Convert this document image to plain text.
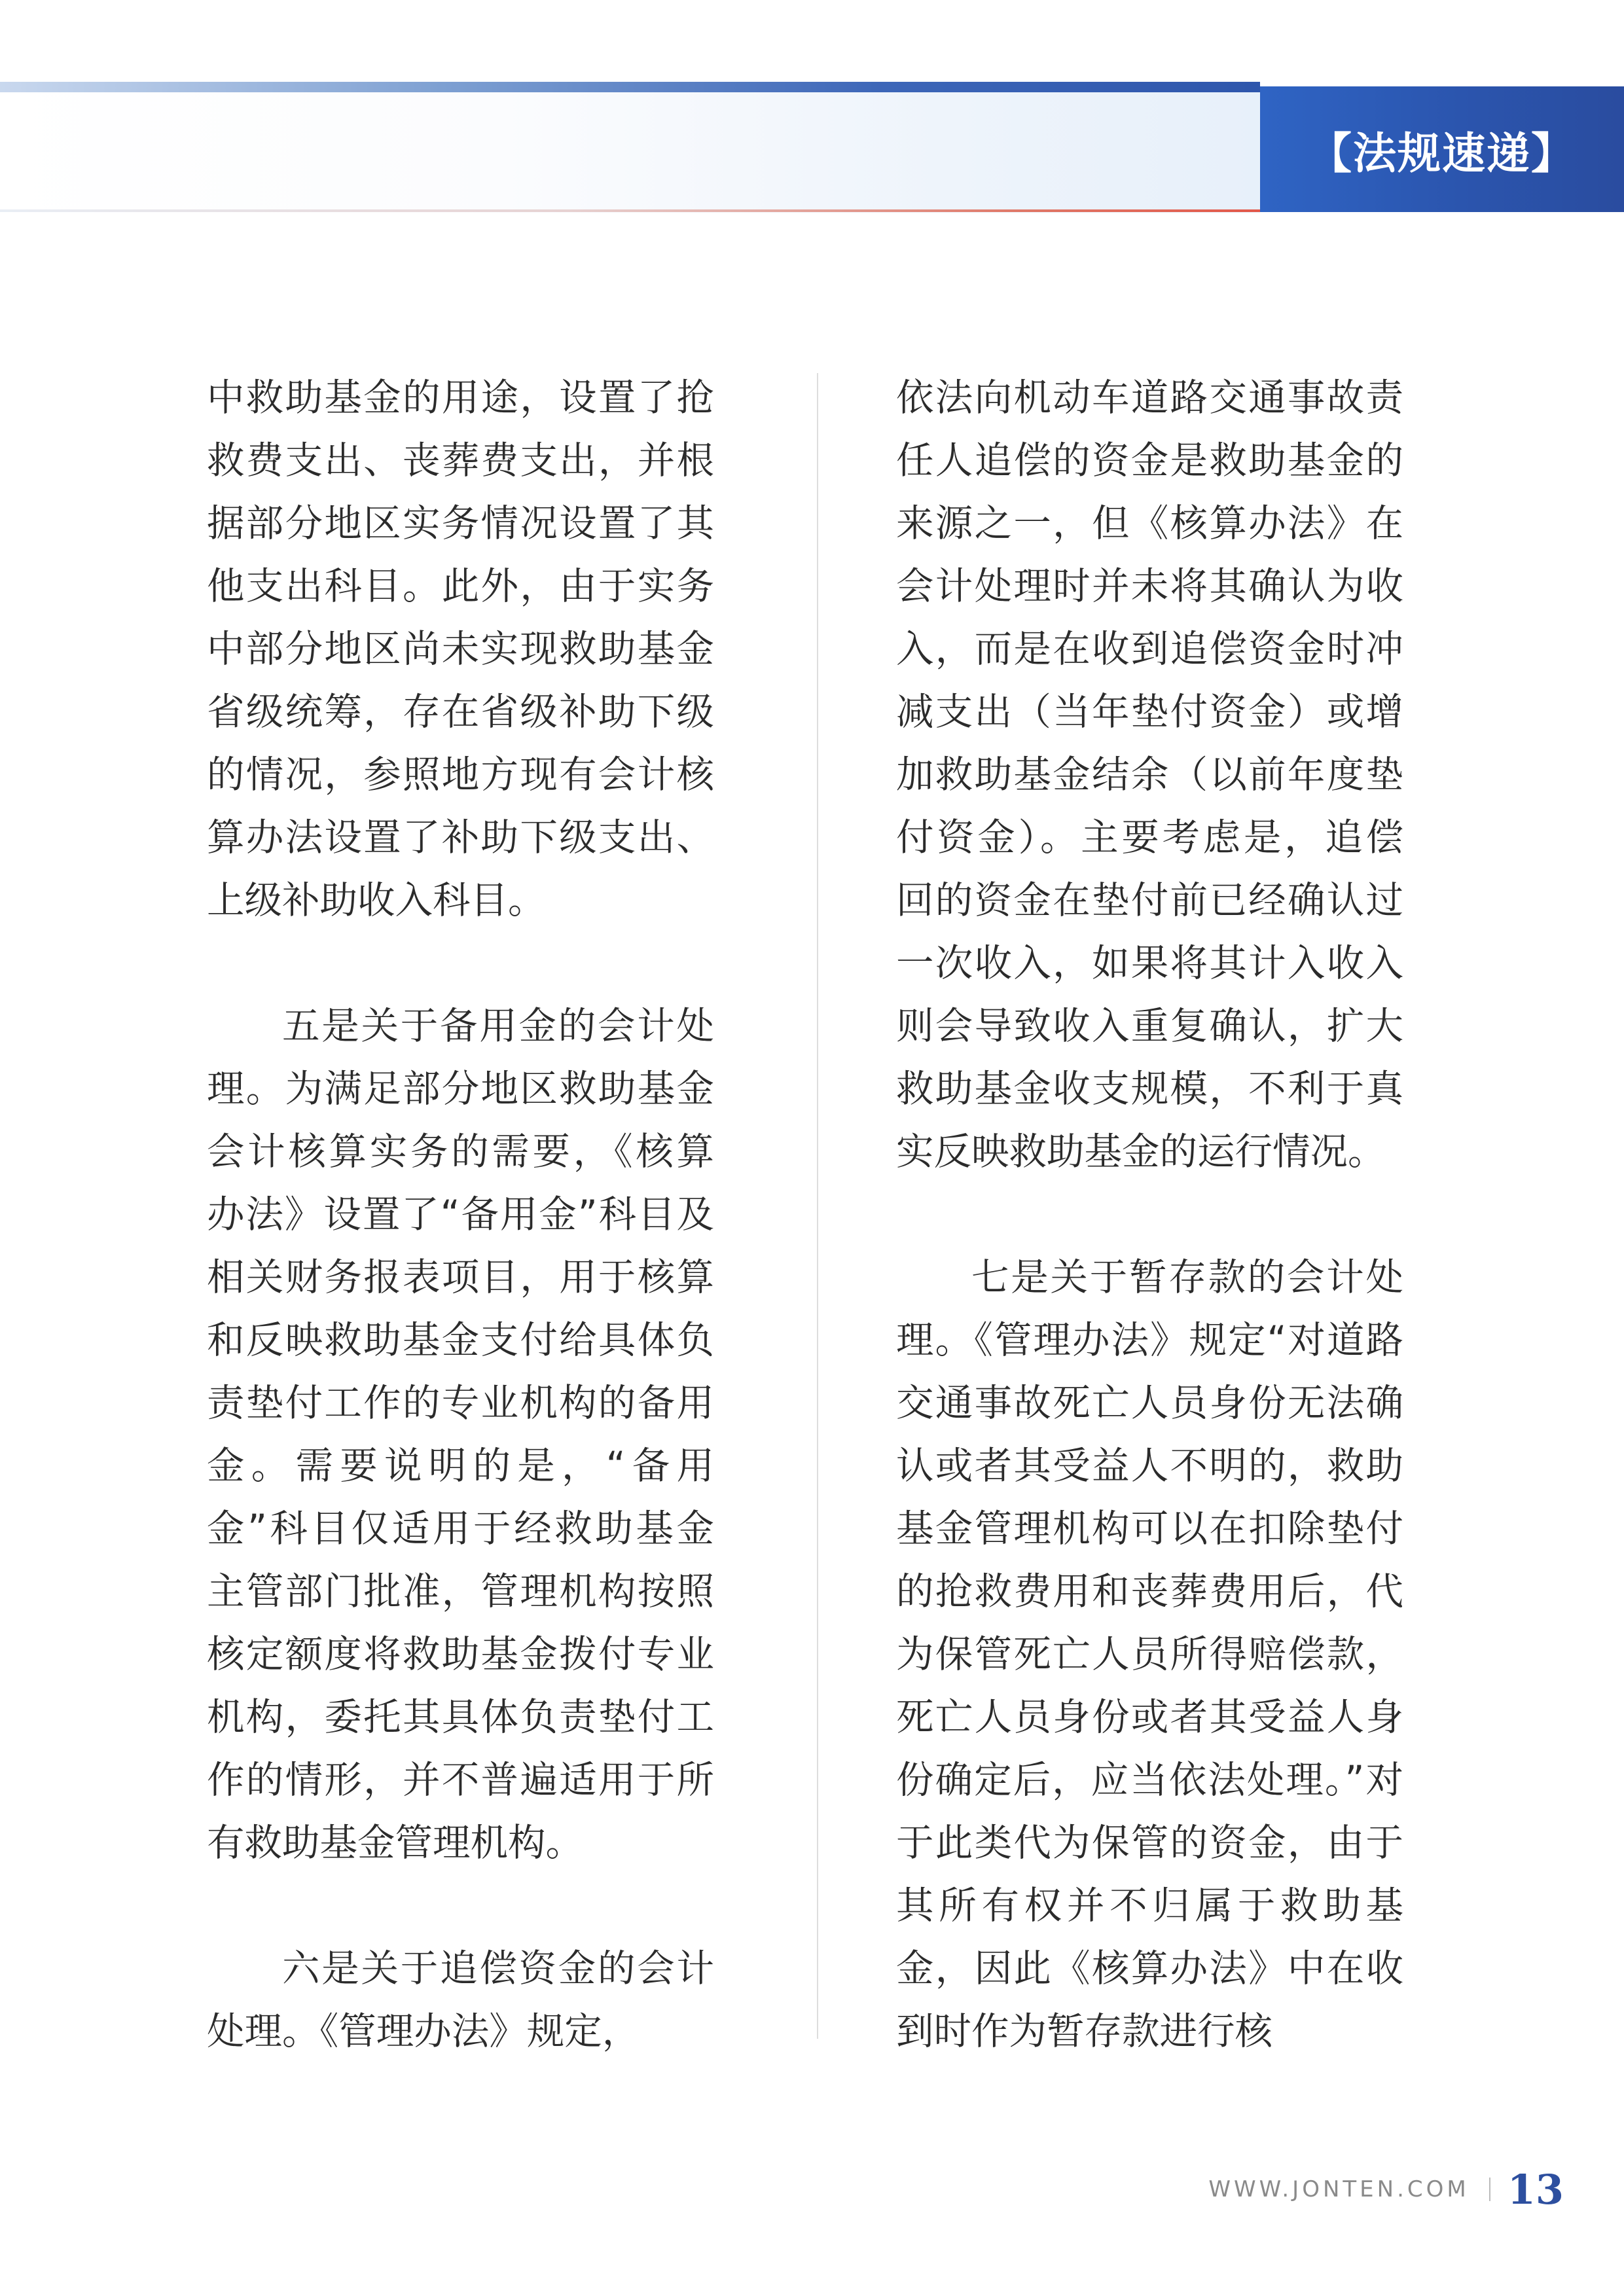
【法规速递】

中救助基金的用途，设置了抢救费支出、丧葬费支出，并根据部分地区实务情况设置了其他支出科目。此外，由于实务中部分地区尚未实现救助基金省级统筹，存在省级补助下级的情况，参照地方现有会计核算办法设置了补助下级支出、上级补助收入科目。

五是关于备用金的会计处理。为满足部分地区救助基金会计核算实务的需要，《核算办法》设置了“备用金”科目及相关财务报表项目，用于核算和反映救助基金支付给具体负责垫付工作的专业机构的备用金。需要说明的是，“备用金”科目仅适用于经救助基金主管部门批准，管理机构按照核定额度将救助基金拨付专业机构，委托其具体负责垫付工作的情形，并不普遍适用于所有救助基金管理机构。

六是关于追偿资金的会计处理。《管理办法》规定，

依法向机动车道路交通事故责任人追偿的资金是救助基金的来源之一，但《核算办法》在会计处理时并未将其确认为收入，而是在收到追偿资金时冲减支出（当年垫付资金）或增加救助基金结余（以前年度垫付资金）。主要考虑是，追偿回的资金在垫付前已经确认过一次收入，如果将其计入收入则会导致收入重复确认，扩大救助基金收支规模，不利于真实反映救助基金的运行情况。

七是关于暂存款的会计处理。《管理办法》规定“对道路交通事故死亡人员身份无法确认或者其受益人不明的，救助基金管理机构可以在扣除垫付的抢救费用和丧葬费用后，代为保管死亡人员所得赔偿款，死亡人员身份或者其受益人身份确定后，应当依法处理。”对于此类代为保管的资金，由于其所有权并不归属于救助基金，因此《核算办法》中在收到时作为暂存款进行核

WWW.JONTEN.COM 13
